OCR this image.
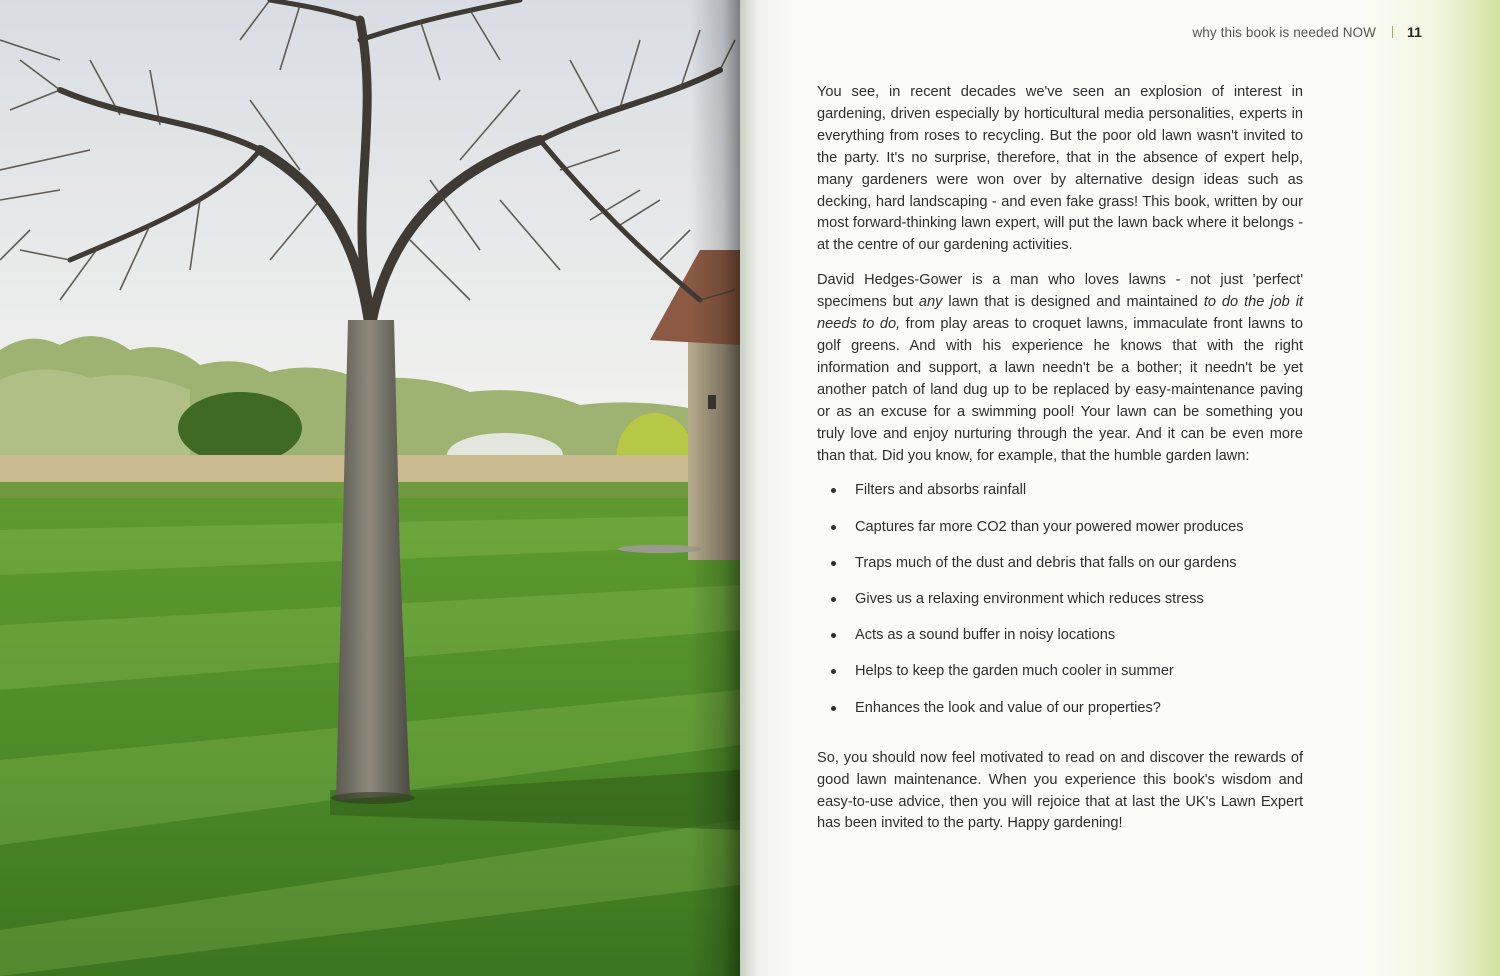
why this book is needed NOW 11

You see, in recent decades we've seen an explosion of interest in gardening, driven especially by horticultural media personalities, experts in everything from roses to recycling. But the poor old lawn wasn't invited to the party. It's no surprise, therefore, that in the absence of expert help, many gardeners were won over by alternative design ideas such as decking, hard landscaping - and even fake grass! This book, written by our most forward-thinking lawn expert, will put the lawn back where it belongs - at the centre of our gardening activities.

David Hedges-Gower is a man who loves lawns - not just 'perfect' specimens but any lawn that is designed and maintained to do the job it needs to do, from play areas to croquet lawns, immaculate front lawns to golf greens. And with his experience he knows that with the right information and support, a lawn needn't be a bother; it needn't be yet another patch of land dug up to be replaced by easy-maintenance paving or as an excuse for a swimming pool! Your lawn can be something you truly love and enjoy nurturing through the year. And it can be even more than that. Did you know, for example, that the humble garden lawn:

Filters and absorbs rainfall
Captures far more CO2 than your powered mower produces
Traps much of the dust and debris that falls on our gardens
Gives us a relaxing environment which reduces stress
Acts as a sound buffer in noisy locations
Helps to keep the garden much cooler in summer
Enhances the look and value of our properties?

So, you should now feel motivated to read on and discover the rewards of good lawn maintenance. When you experience this book's wisdom and easy-to-use advice, then you will rejoice that at last the UK's Lawn Expert has been invited to the party. Happy gardening!
